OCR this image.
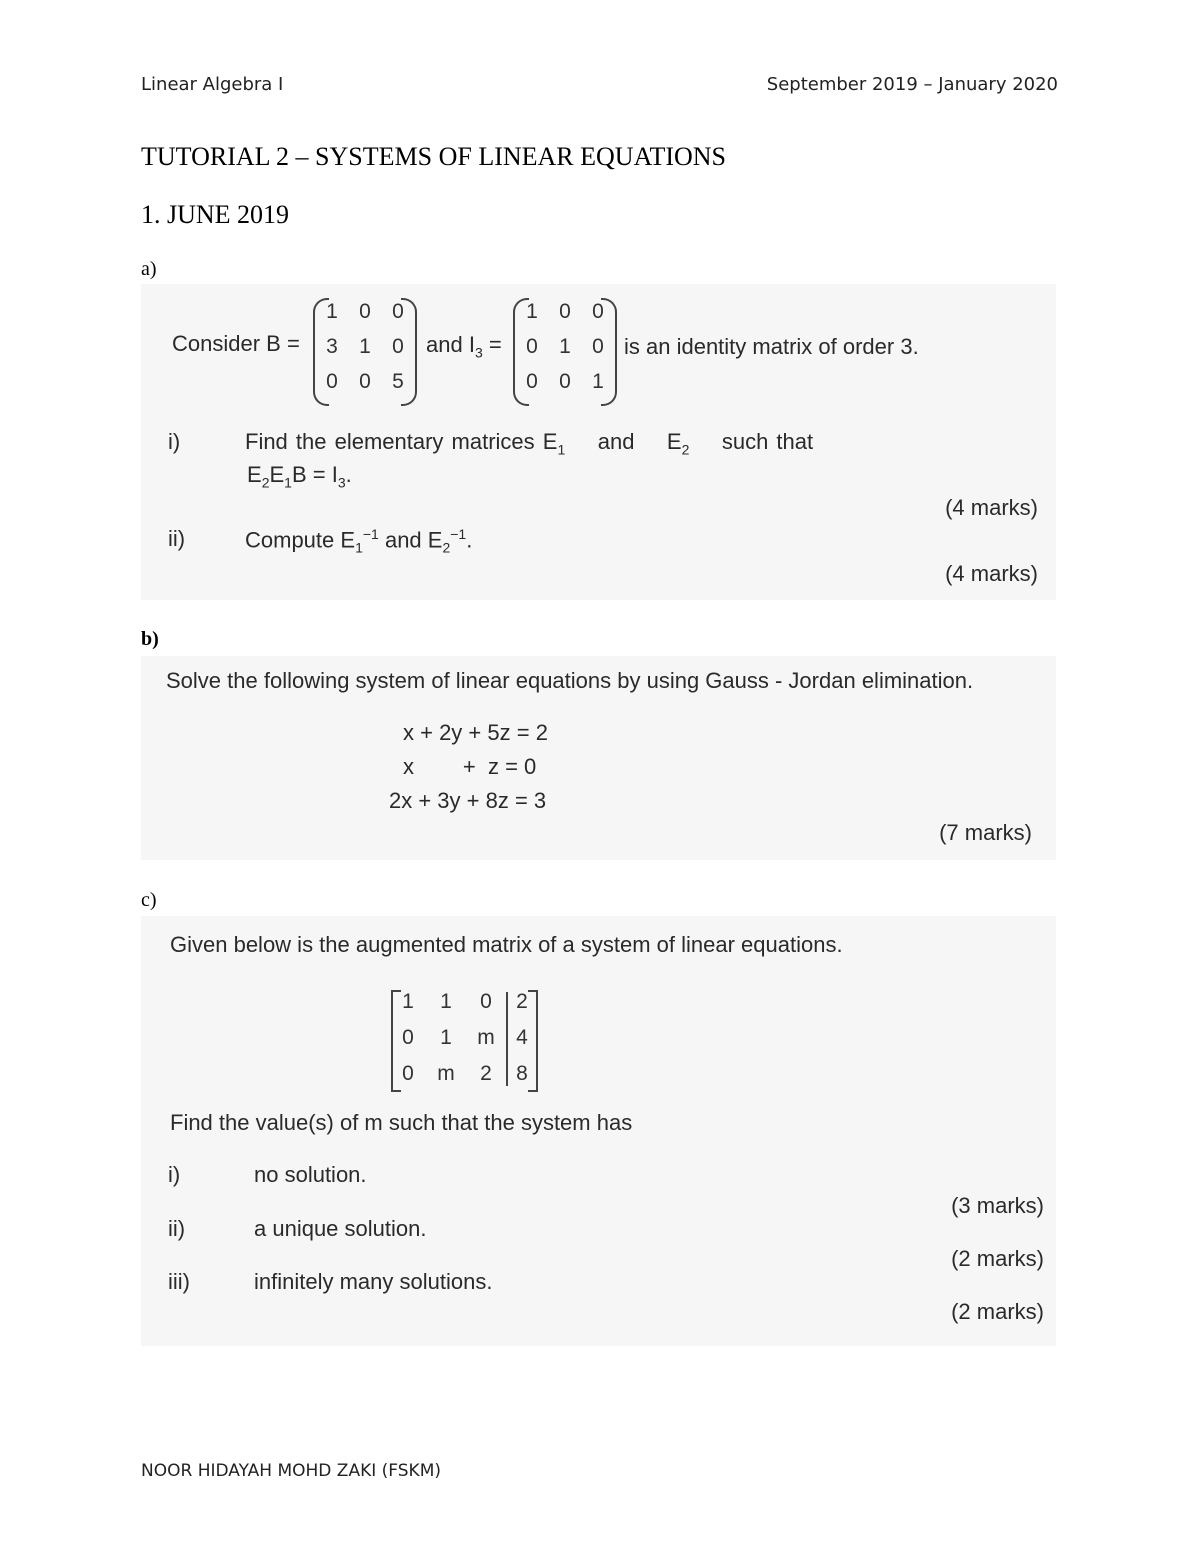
Linear Algebra I	September 2019 – January 2020
TUTORIAL 2 – SYSTEMS OF LINEAR EQUATIONS
1. JUNE 2019
a)
Consider B =
1	0	0
3	1	0
0	0	5
and $I_3$ =
1	0	0
0	1	0
0	0	1
is an identity matrix of order 3.
i)	Find the elementary matrices $E_1$ and $E_2$ such that
$E_2E_1B = I_3$.
(4 marks)
ii)	Compute $E_1^{-1}$ and $E_2^{-1}$.
(4 marks)
b)
Solve the following system of linear equations by using Gauss - Jordan elimination.
x + 2y + 5z = 2
x        +  z = 0
2x + 3y + 8z = 3
(7 marks)
c)
Given below is the augmented matrix of a system of linear equations.
1	1	0	2
0	1	m	4
0	m	2	8
Find the value(s) of m such that the system has
i)	no solution.
(3 marks)
ii)	a unique solution.
(2 marks)
iii)	infinitely many solutions.
(2 marks)
NOOR HIDAYAH MOHD ZAKI (FSKM)
